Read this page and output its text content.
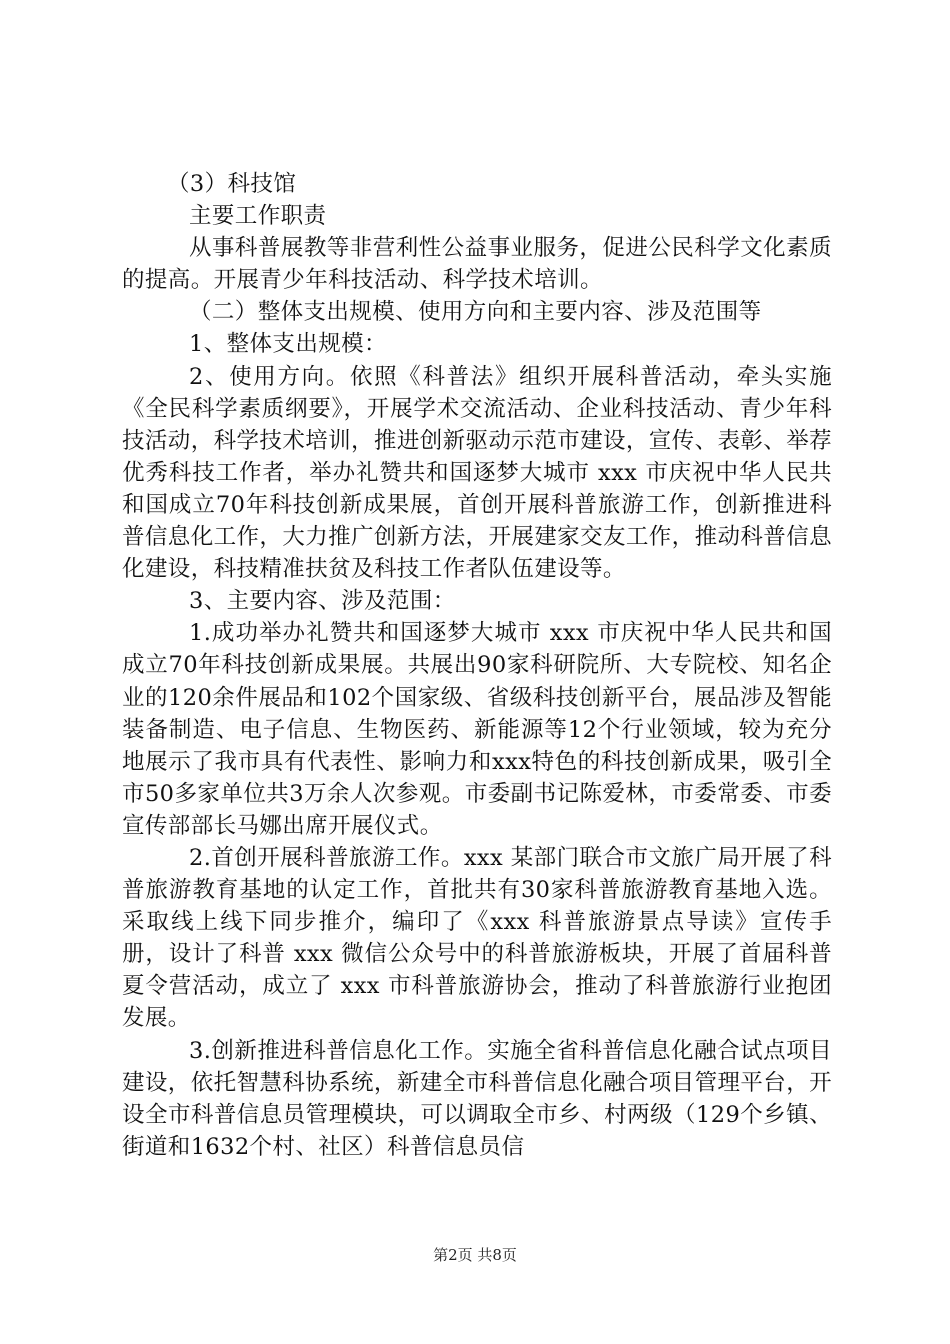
（3）科技馆

主要工作职责

从事科普展教等非营利性公益事业服务，促进公民科学文化素质的提高。开展青少年科技活动、科学技术培训。

（二）整体支出规模、使用方向和主要内容、涉及范围等

1、整体支出规模：

2、使用方向。依照《科普法》组织开展科普活动，牵头实施《全民科学素质纲要》，开展学术交流活动、企业科技活动、青少年科技活动，科学技术培训，推进创新驱动示范市建设，宣传、表彰、举荐优秀科技工作者，举办礼赞共和国逐梦大城市 xxx 市庆祝中华人民共和国成立70年科技创新成果展，首创开展科普旅游工作，创新推进科普信息化工作，大力推广创新方法，开展建家交友工作，推动科普信息化建设，科技精准扶贫及科技工作者队伍建设等。

3、主要内容、涉及范围：

1.成功举办礼赞共和国逐梦大城市 xxx 市庆祝中华人民共和国成立70年科技创新成果展。共展出90家科研院所、大专院校、知名企业的120余件展品和102个国家级、省级科技创新平台，展品涉及智能装备制造、电子信息、生物医药、新能源等12个行业领域，较为充分地展示了我市具有代表性、影响力和xxx特色的科技创新成果，吸引全市50多家单位共3万余人次参观。市委副书记陈爱林，市委常委、市委宣传部部长马娜出席开展仪式。

2.首创开展科普旅游工作。xxx 某部门联合市文旅广局开展了科普旅游教育基地的认定工作，首批共有30家科普旅游教育基地入选。采取线上线下同步推介，编印了《xxx 科普旅游景点导读》宣传手册，设计了科普 xxx 微信公众号中的科普旅游板块，开展了首届科普夏令营活动，成立了 xxx 市科普旅游协会，推动了科普旅游行业抱团发展。

3.创新推进科普信息化工作。实施全省科普信息化融合试点项目建设，依托智慧科协系统，新建全市科普信息化融合项目管理平台，开设全市科普信息员管理模块，可以调取全市乡、村两级（129个乡镇、街道和1632个村、社区）科普信息员信

第2页 共8页
